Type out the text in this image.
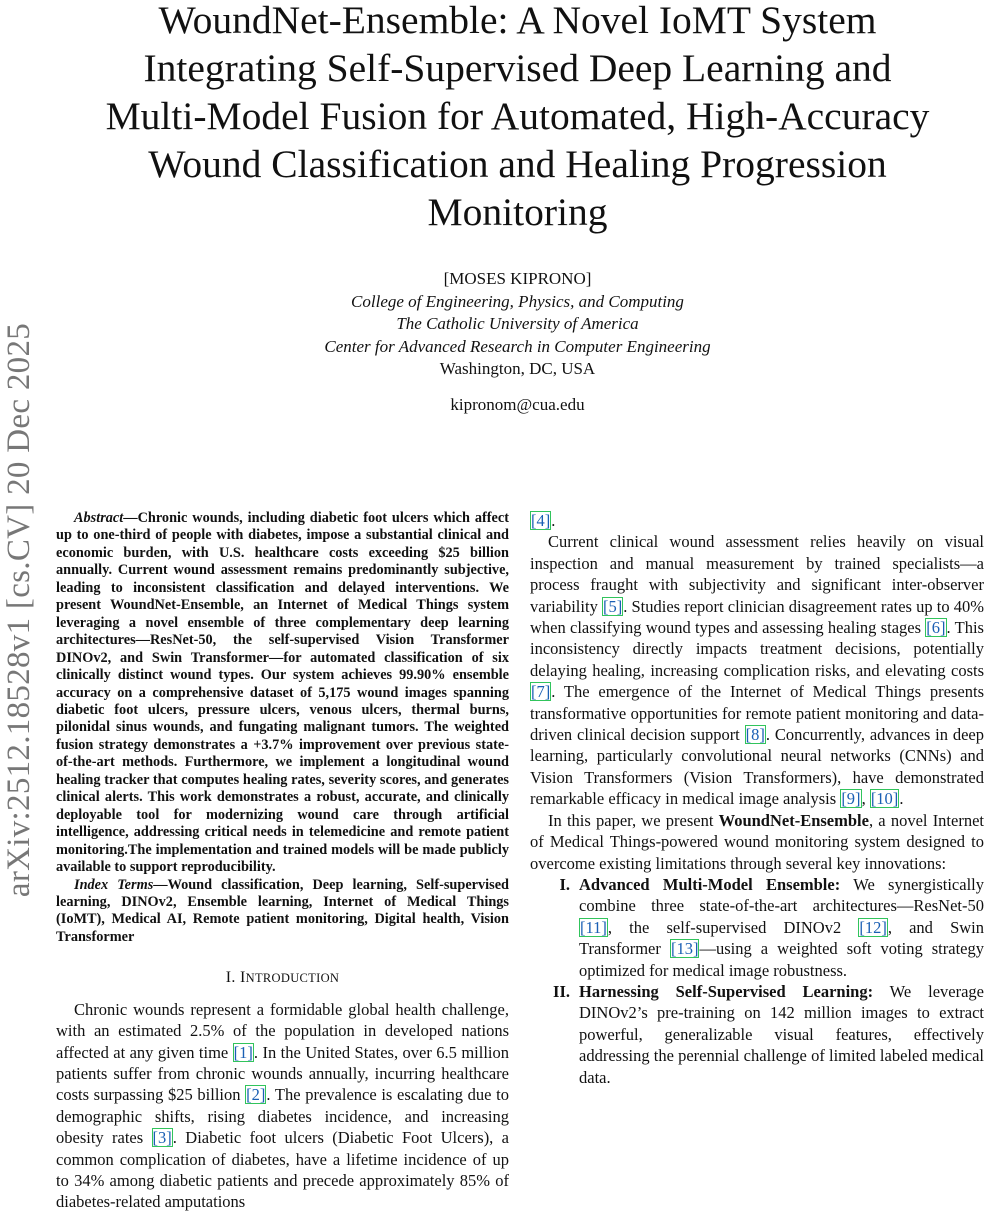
arXiv:2512.18528v1 [cs.CV] 20 Dec 2025
WoundNet-Ensemble: A Novel IoMT System
Integrating Self-Supervised Deep Learning and
Multi-Model Fusion for Automated, High-Accuracy
Wound Classification and Healing Progression
Monitoring
[MOSES KIPRONO]
College of Engineering, Physics, and Computing
The Catholic University of America
Center for Advanced Research in Computer Engineering
Washington, DC, USA
kipronom@cua.edu

Abstract—Chronic wounds, including diabetic foot ulcers which affect up to one-third of people with diabetes, impose a substantial clinical and economic burden, with U.S. healthcare costs exceeding $25 billion annually. Current wound assessment remains predominantly subjective, leading to inconsistent classification and delayed interventions. We present WoundNet-Ensemble, an Internet of Medical Things system leveraging a novel ensemble of three complementary deep learning architectures—ResNet-50, the self-supervised Vision Transformer DINOv2, and Swin Transformer—for automated classification of six clinically distinct wound types. Our system achieves 99.90% ensemble accuracy on a comprehensive dataset of 5,175 wound images spanning diabetic foot ulcers, pressure ulcers, venous ulcers, thermal burns, pilonidal sinus wounds, and fungating malignant tumors. The weighted fusion strategy demonstrates a +3.7% improvement over previous state-of-the-art methods. Furthermore, we implement a longitudinal wound healing tracker that computes healing rates, severity scores, and generates clinical alerts. This work demonstrates a robust, accurate, and clinically deployable tool for modernizing wound care through artificial intelligence, addressing critical needs in telemedicine and remote patient monitoring.The implementation and trained models will be made publicly available to support reproducibility.

Index Terms—Wound classification, Deep learning, Self-supervised learning, DINOv2, Ensemble learning, Internet of Medical Things (IoMT), Medical AI, Remote patient monitoring, Digital health, Vision Transformer

I. INTRODUCTION

Chronic wounds represent a formidable global health challenge, with an estimated 2.5% of the population in developed nations affected at any given time [1]. In the United States, over 6.5 million patients suffer from chronic wounds annually, incurring healthcare costs surpassing $25 billion [2]. The prevalence is escalating due to demographic shifts, rising diabetes incidence, and increasing obesity rates [3]. Diabetic foot ulcers (Diabetic Foot Ulcers), a common complication of diabetes, have a lifetime incidence of up to 34% among diabetic patients and precede approximately 85% of diabetes-related amputations

[4].

Current clinical wound assessment relies heavily on visual inspection and manual measurement by trained specialists—a process fraught with subjectivity and significant inter-observer variability [5]. Studies report clinician disagreement rates up to 40% when classifying wound types and assessing healing stages [6]. This inconsistency directly impacts treatment decisions, potentially delaying healing, increasing complication risks, and elevating costs [7]. The emergence of the Internet of Medical Things presents transformative opportunities for remote patient monitoring and data-driven clinical decision support [8]. Concurrently, advances in deep learning, particularly convolutional neural networks (CNNs) and Vision Transformers (Vision Transformers), have demonstrated remarkable efficacy in medical image analysis [9], [10].

In this paper, we present WoundNet-Ensemble, a novel Internet of Medical Things-powered wound monitoring system designed to overcome existing limitations through several key innovations:

I. Advanced Multi-Model Ensemble: We synergistically combine three state-of-the-art architectures—ResNet-50 [11], the self-supervised DINOv2 [12], and Swin Transformer [13]—using a weighted soft voting strategy optimized for medical image robustness.
II. Harnessing Self-Supervised Learning: We leverage DINOv2’s pre-training on 142 million images to extract powerful, generalizable visual features, effectively addressing the perennial challenge of limited labeled medical data.
